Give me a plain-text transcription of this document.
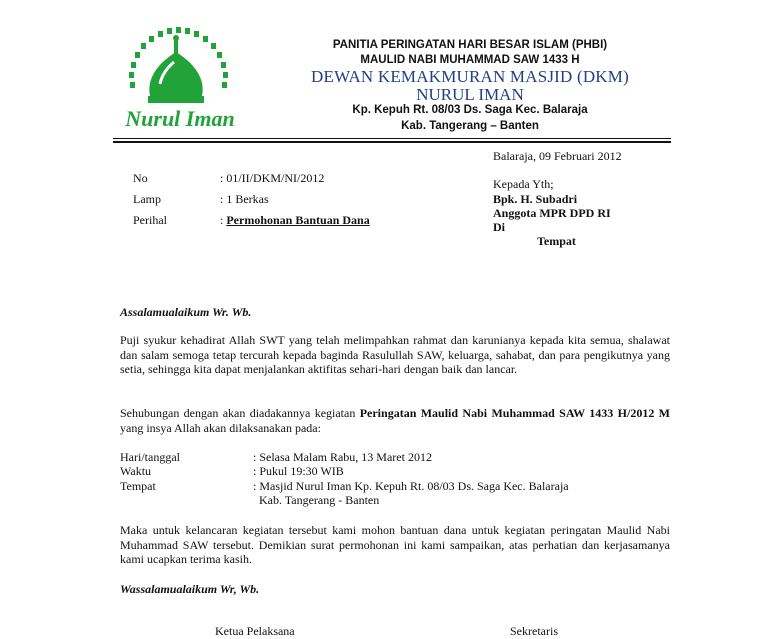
Nurul Iman
PANITIA PERINGATAN HARI BESAR ISLAM (PHBI)
MAULID NABI MUHAMMAD SAW 1433 H
DEWAN KEMAKMURAN MASJID (DKM)
NURUL IMAN
Kp. Kepuh Rt. 08/03 Ds. Saga Kec. Balaraja
Kab. Tangerang – Banten
Balaraja, 09 Februari 2012
No	: 01/II/DKM/NI/2012
Lamp	: 1 Berkas
Perihal	: Permohonan Bantuan Dana
Kepada Yth;
Bpk. H. Subadri
Anggota MPR DPD RI
Di
Tempat
Assalamualaikum Wr. Wb.
Puji syukur kehadirat Allah SWT yang telah melimpahkan rahmat dan karunianya kepada kita semua, shalawat dan salam semoga tetap tercurah kepada baginda Rasulullah SAW, keluarga, sahabat, dan para pengikutnya yang setia, sehingga kita dapat menjalankan aktifitas sehari-hari dengan baik dan lancar.
Sehubungan dengan akan diadakannya kegiatan Peringatan Maulid Nabi Muhammad SAW 1433 H/2012 M yang insya Allah akan dilaksanakan pada:
Hari/tanggal	: Selasa Malam Rabu, 13 Maret 2012
Waktu	: Pukul 19:30 WIB
Tempat	: Masjid Nurul Iman Kp. Kepuh Rt. 08/03 Ds. Saga Kec. Balaraja
Kab. Tangerang - Banten
Maka untuk kelancaran kegiatan tersebut kami mohon bantuan dana untuk kegiatan peringatan Maulid Nabi Muhammad SAW tersebut. Demikian surat permohonan ini kami sampaikan, atas perhatian dan kerjasamanya kami ucapkan terima kasih.
Wassalamualaikum Wr, Wb.
Ketua Pelaksana	Sekretaris
